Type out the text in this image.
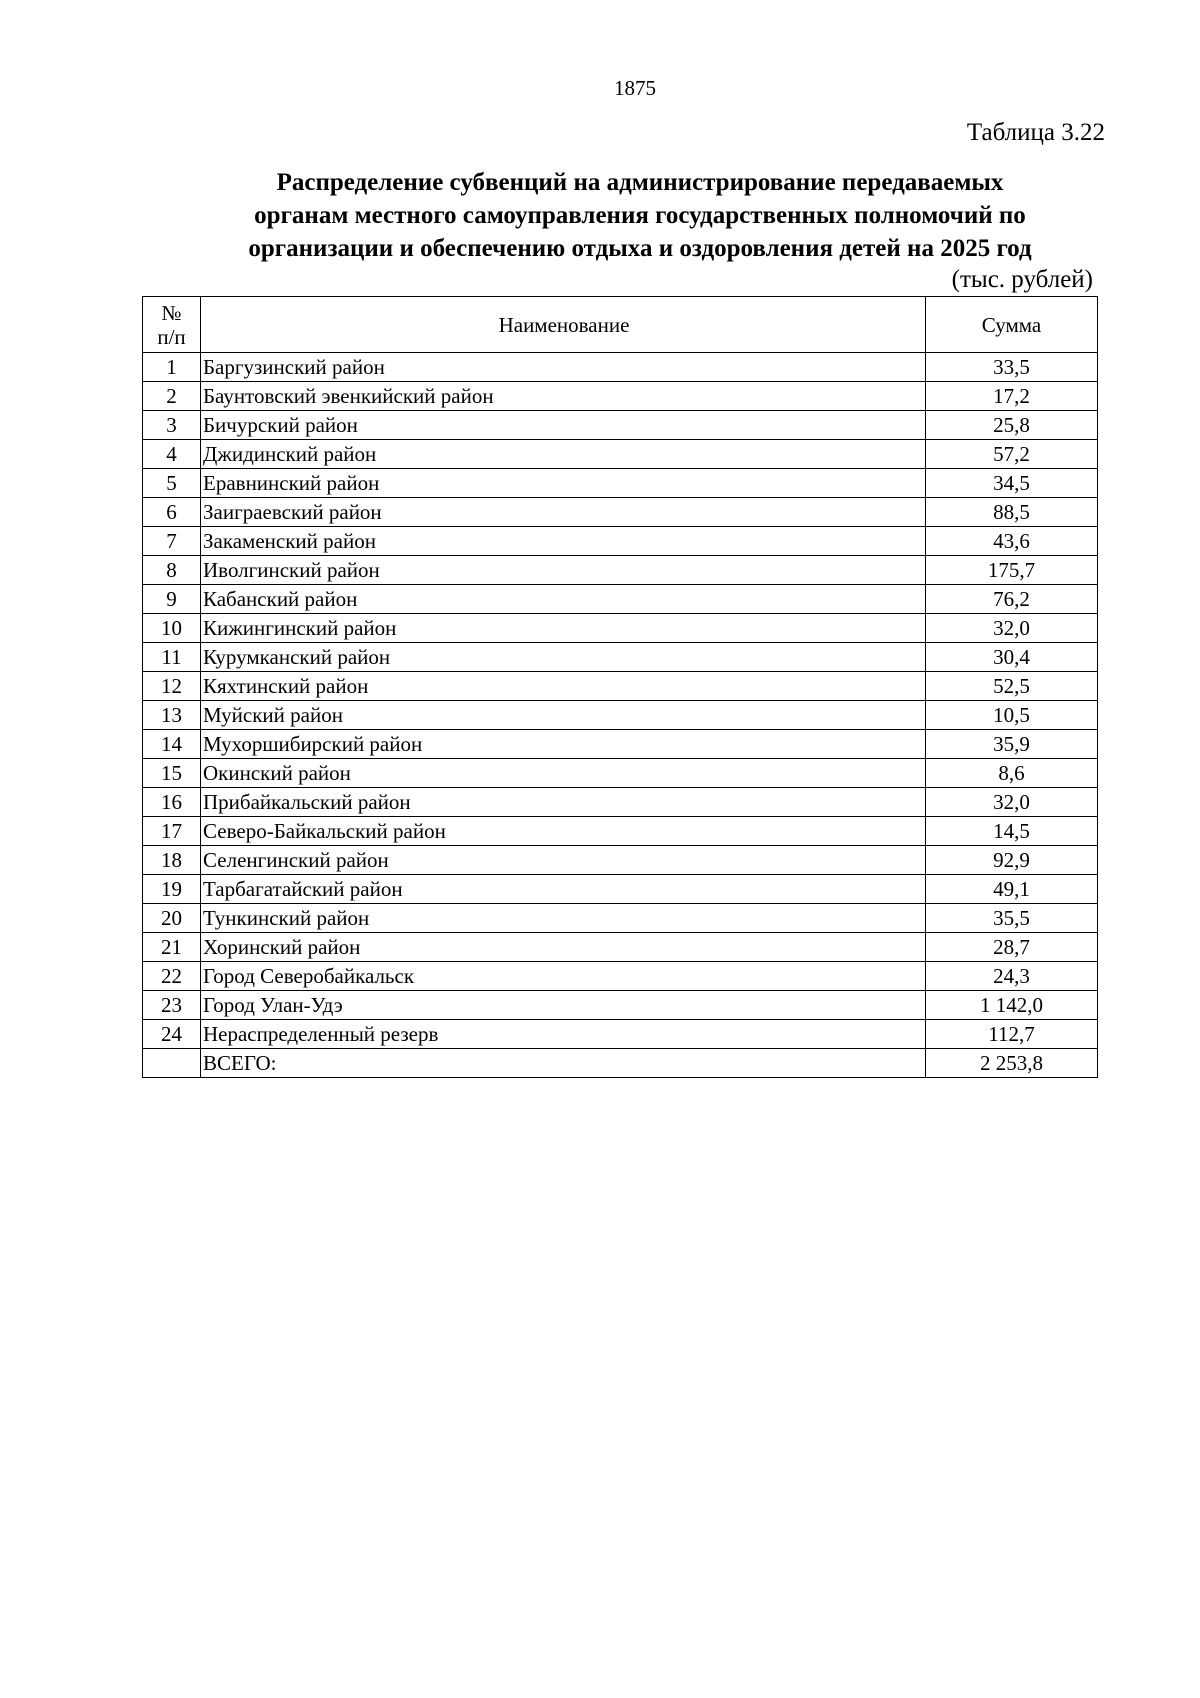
1875
Таблица 3.22
Распределение субвенций на администрирование передаваемых
органам местного самоуправления государственных полномочий по
организации и обеспечению отдыха и оздоровления детей на 2025 год
(тыс. рублей)
№
п/п	Наименование	Сумма
1	Баргузинский район	33,5
2	Баунтовский эвенкийский район	17,2
3	Бичурский район	25,8
4	Джидинский район	57,2
5	Еравнинский район	34,5
6	Заиграевский район	88,5
7	Закаменский район	43,6
8	Иволгинский район	175,7
9	Кабанский район	76,2
10	Кижингинский район	32,0
11	Курумканский район	30,4
12	Кяхтинский район	52,5
13	Муйский район	10,5
14	Мухоршибирский район	35,9
15	Окинский район	8,6
16	Прибайкальский район	32,0
17	Северо-Байкальский район	14,5
18	Селенгинский район	92,9
19	Тарбагатайский район	49,1
20	Тункинский район	35,5
21	Хоринский район	28,7
22	Город Северобайкальск	24,3
23	Город Улан-Удэ	1 142,0
24	Нераспределенный резерв	112,7
	ВСЕГО:	2 253,8
